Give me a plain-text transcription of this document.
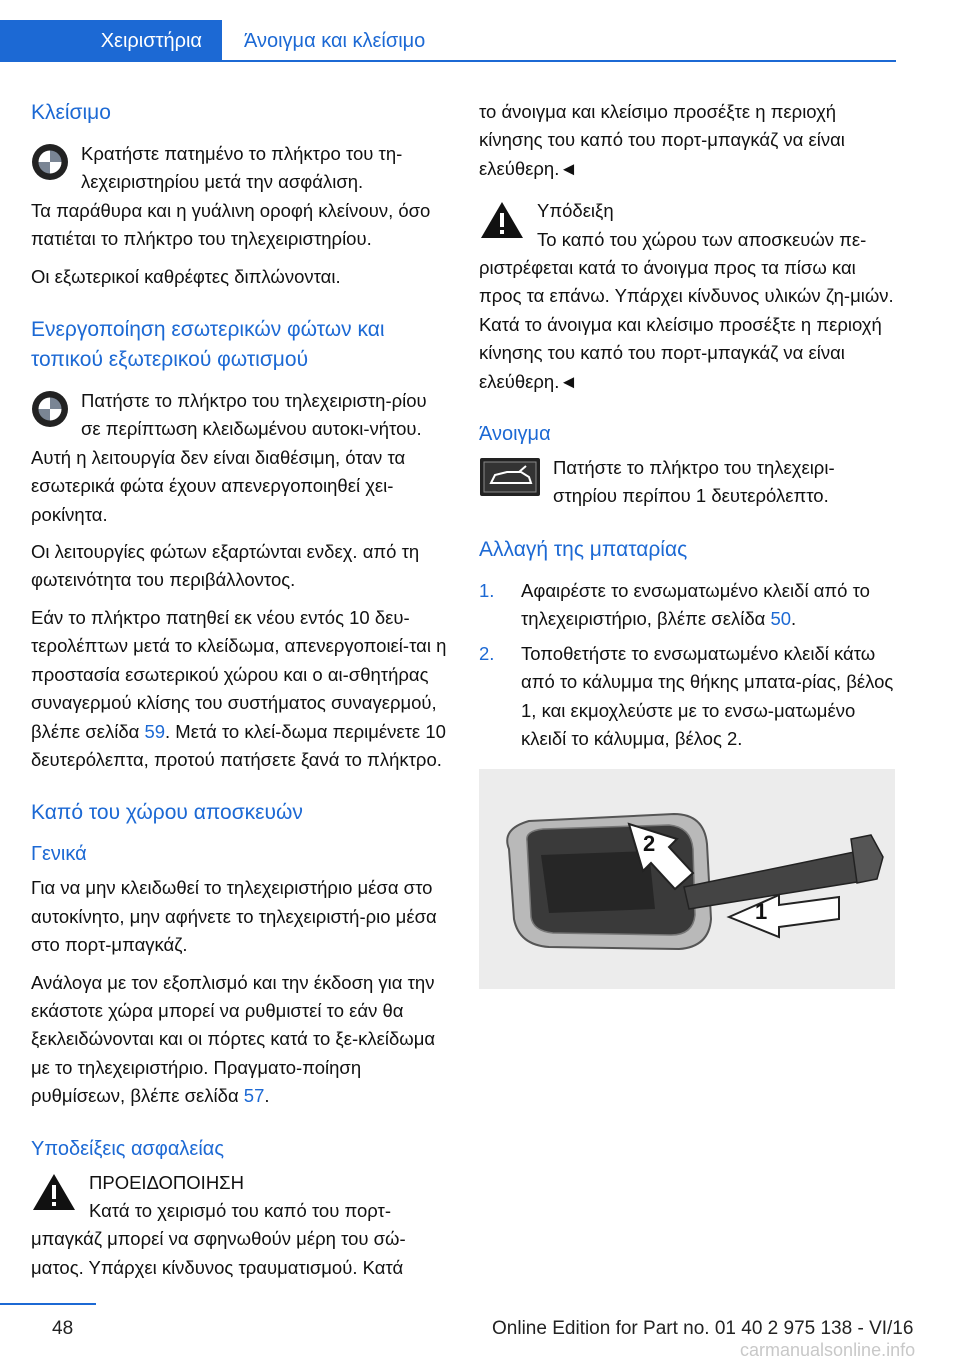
Χειριστήρια	Άνοιγμα και κλείσιμο
Κλείσιμο
Κρατήστε πατημένο το πλήκτρο του τη-λεχειριστηρίου μετά την ασφάλιση.

Τα παράθυρα και η γυάλινη οροφή κλείνουν, όσο πατιέται το πλήκτρο του τηλεχειριστηρίου.

Οι εξωτερικοί καθρέφτες διπλώνονται.

Ενεργοποίηση εσωτερικών φώτων και τοπικού εξωτερικού φωτισμού
Πατήστε το πλήκτρο του τηλεχειριστη-ρίου σε περίπτωση κλειδωμένου αυτοκι-νήτου.

Αυτή η λειτουργία δεν είναι διαθέσιμη, όταν τα εσωτερικά φώτα έχουν απενεργοποιηθεί χει-ροκίνητα.

Οι λειτουργίες φώτων εξαρτώνται ενδεχ. από τη φωτεινότητα του περιβάλλοντος.

Εάν το πλήκτρο πατηθεί εκ νέου εντός 10 δευ-τερολέπτων μετά το κλείδωμα, απενεργοποιεί-ται η προστασία εσωτερικού χώρου και ο αι-σθητήρας συναγερμού κλίσης του συστήματος συναγερμού, βλέπε σελίδα 59. Μετά το κλεί-δωμα περιμένετε 10 δευτερόλεπτα, προτού πατήσετε ξανά το πλήκτρο.

Καπό του χώρου αποσκευών
Γενικά

Για να μην κλειδωθεί το τηλεχειριστήριο μέσα στο αυτοκίνητο, μην αφήνετε το τηλεχειριστή-ριο μέσα στο πορτ-μπαγκάζ.

Ανάλογα με τον εξοπλισμό και την έκδοση για την εκάστοτε χώρα μπορεί να ρυθμιστεί το εάν θα ξεκλειδώνονται και οι πόρτες κατά το ξε-κλείδωμα με το τηλεχειριστήριο. Πραγματο-ποίηση ρυθμίσεων, βλέπε σελίδα 57.

Υποδείξεις ασφαλείας
ΠΡΟΕΙΔΟΠΟΙΗΣΗ
Κατά το χειρισμό του καπό του πορτ-μπαγκάζ μπορεί να σφηνωθούν μέρη του σώ-ματος. Υπάρχει κίνδυνος τραυματισμού. Κατά

το άνοιγμα και κλείσιμο προσέξτε η περιοχή κίνησης του καπό του πορτ-μπαγκάζ να είναι ελεύθερη.◄

Υπόδειξη
Το καπό του χώρου των αποσκευών πε-ριστρέφεται κατά το άνοιγμα προς τα πίσω και προς τα επάνω. Υπάρχει κίνδυνος υλικών ζη-μιών. Κατά το άνοιγμα και κλείσιμο προσέξτε η περιοχή κίνησης του καπό του πορτ-μπαγκάζ να είναι ελεύθερη.◄
Άνοιγμα
Πατήστε το πλήκτρο του τηλεχειρι-στηρίου περίπου 1 δευτερόλεπτο.
Αλλαγή της μπαταρίας
1. Αφαιρέστε το ενσωματωμένο κλειδί από το τηλεχειριστήριο, βλέπε σελίδα 50.
2. Τοποθετήστε το ενσωματωμένο κλειδί κάτω από το κάλυμμα της θήκης μπατα-ρίας, βέλος 1, και εκμοχλεύστε με το ενσω-ματωμένο κλειδί το κάλυμμα, βέλος 2.
1
2
48	Online Edition for Part no. 01 40 2 975 138 - VI/16
carmanualsonline.info
